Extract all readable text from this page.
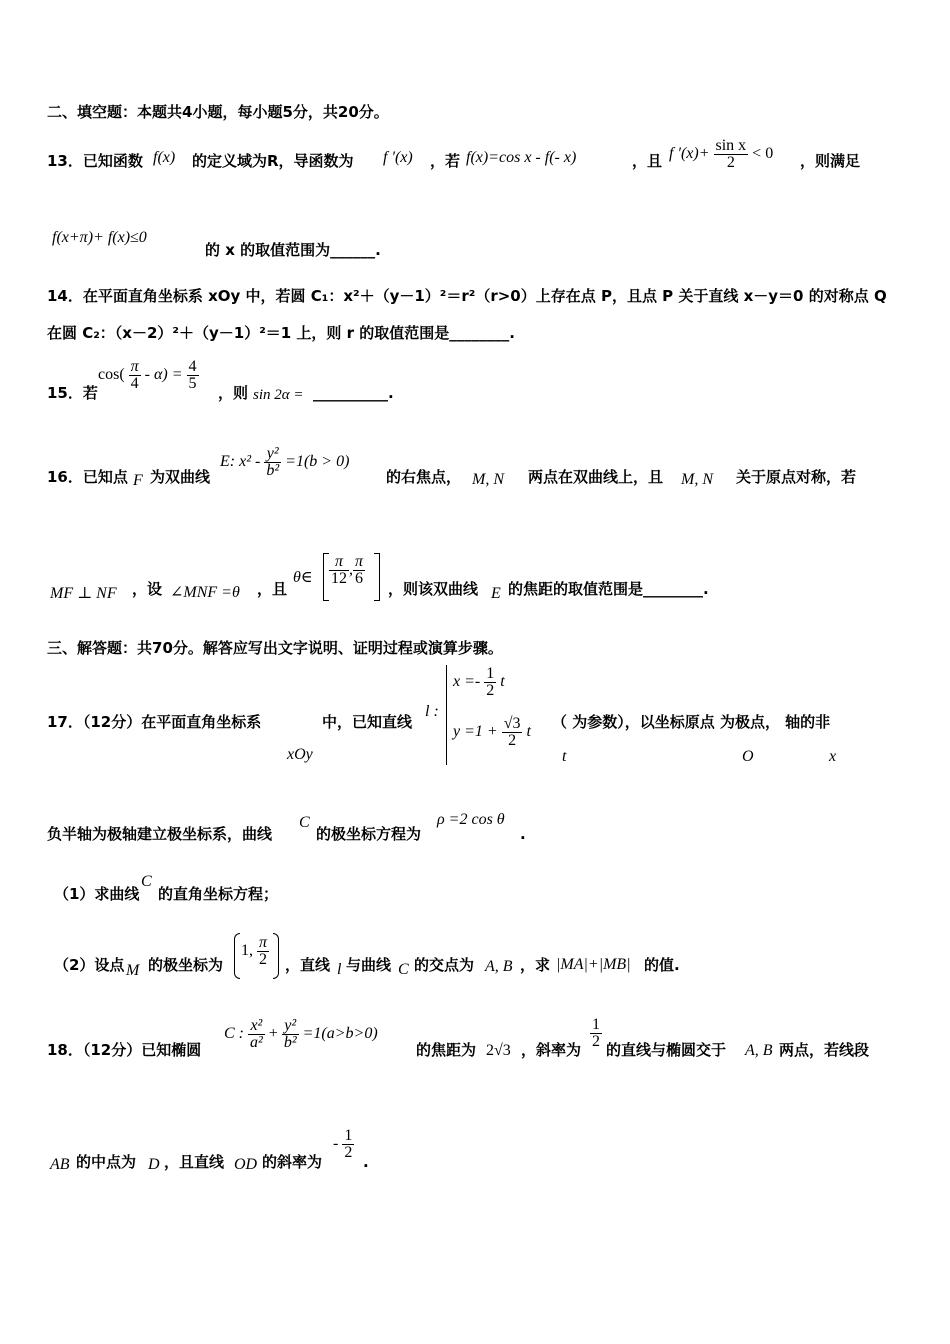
二、填空题：本题共4小题，每小题5分，共20分。
13．已知函数 f(x) 的定义域为R，导函数为 f ′(x) ，若 f(x)=cos x - f(- x)	，且 f $'(x)+ \frac{\text{sin x}}{2} < 0$ ，则满足
f(x+π)+ f(x)≤0
的 x 的取值范围为______.
14．在平面直角坐标系 xOy 中，若圆 C₁：x²＋（y－1）²＝r²（r>0）上存在点 P，且点 P 关于直线 x－y＝0 的对称点 Q
在圆 C₂：（x－2）²＋（y－1）²＝1 上，则 r 的取值范围是________.
15．若
$\cos( \frac{\pi}{4} - \alpha) = \frac{4}{5}$
，则 sin 2α = __________.
16．已知点 F 为双曲线
E: $x^2 - \frac{\text{y²}}{\text{b²}} =1(b > 0)$
的右焦点， M, N 两点在双曲线上，且 M, N 关于原点对称，若
MF ⊥ NF ，设 ∠MNF =θ ，且
θ∈ $\frac{\pi}{12}$ , $\frac{\pi}{6}$
，则该双曲线 E 的焦距的取值范围是________.
三、解答题：共70分。解答应写出文字说明、证明过程或演算步骤。
17．（12分）在平面直角坐标系
xOy
中，已知直线
l :
$x =- \frac{1}{2}$ t
$y =1 + \frac{√3}{2}$ t
（ 为参数），以坐标原点 为极点， 轴的非
t	O	x
负半轴为极轴建立极坐标系，曲线
C
的极坐标方程为
ρ =2 cos θ
.
（1）求曲线
C
的直角坐标方程；
（2）设点 M 的极坐标为
1, $\frac{\pi}{2}$ ，直线 l 与曲线 C 的交点为 A, B ，求 |MA|+|MB| 的值.
18．（12分）已知椭圆
C : $\frac{\text{x²}}{\text{a²}} + \frac{\text{y²}}{\text{b²}} =1(a>b>0)$
的焦距为 2√3 ，斜率为 $\frac{1}{2}$ 的直线与椭圆交于 A, B 两点，若线段
AB 的中点为 D ，且直线 OD 的斜率为
- $\frac{1}{2}$
.
